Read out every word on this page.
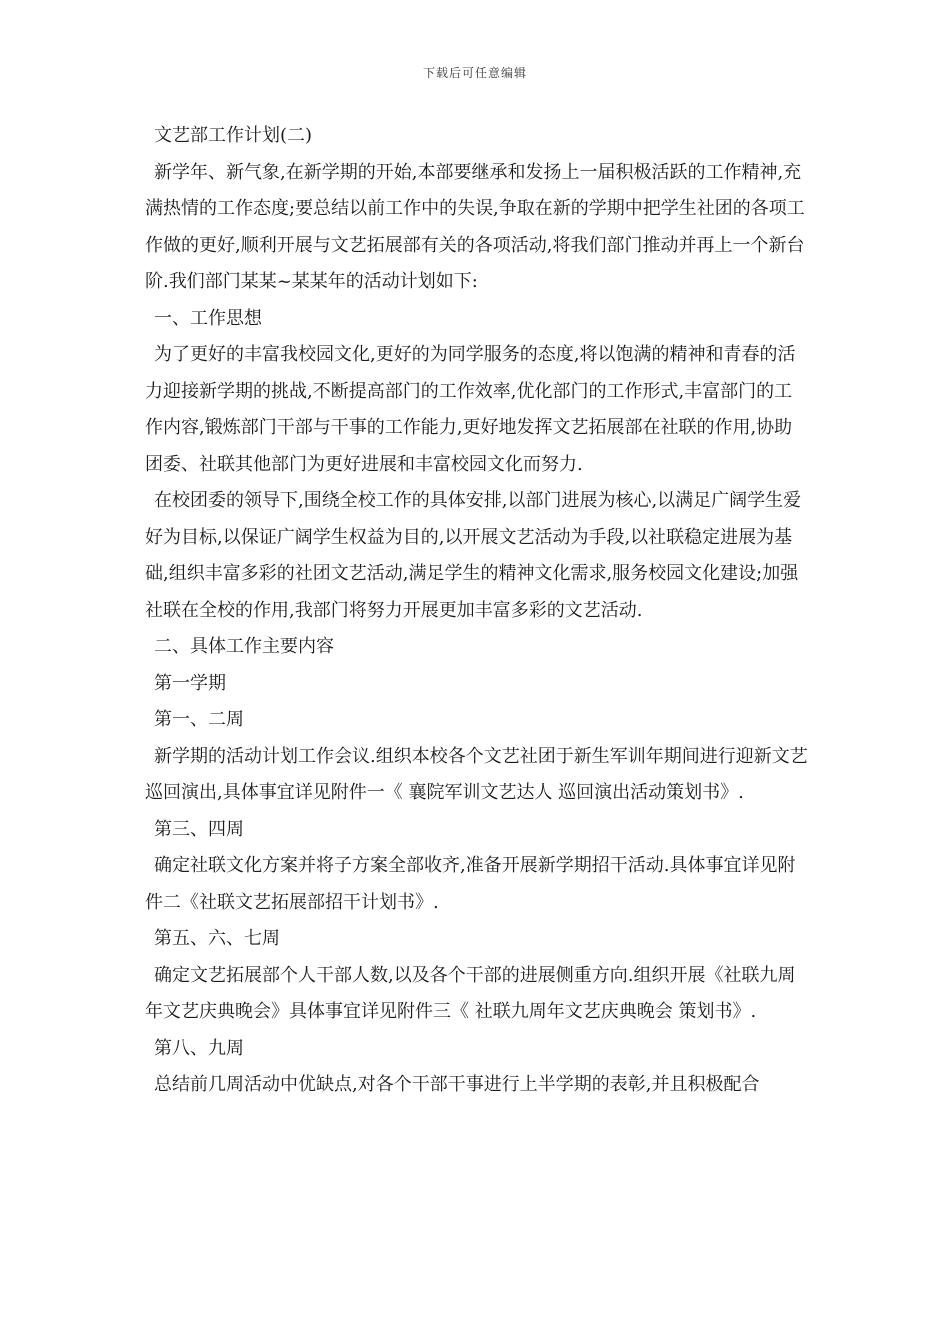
下载后可任意编辑

文艺部工作计划(二)

新学年、新气象,在新学期的开始,本部要继承和发扬上一届积极活跃的工作精神,充满热情的工作态度;要总结以前工作中的失误,争取在新的学期中把学生社团的各项工作做的更好,顺利开展与文艺拓展部有关的各项活动,将我们部门推动并再上一个新台阶.我们部门某某~某某年的活动计划如下:

一、工作思想

为了更好的丰富我校园文化,更好的为同学服务的态度,将以饱满的精神和青春的活力迎接新学期的挑战,不断提高部门的工作效率,优化部门的工作形式,丰富部门的工作内容,锻炼部门干部与干事的工作能力,更好地发挥文艺拓展部在社联的作用,协助团委、社联其他部门为更好进展和丰富校园文化而努力.

在校团委的领导下,围绕全校工作的具体安排,以部门进展为核心,以满足广阔学生爱好为目标,以保证广阔学生权益为目的,以开展文艺活动为手段,以社联稳定进展为基础,组织丰富多彩的社团文艺活动,满足学生的精神文化需求,服务校园文化建设;加强社联在全校的作用,我部门将努力开展更加丰富多彩的文艺活动.

二、具体工作主要内容

第一学期

第一、二周

新学期的活动计划工作会议.组织本校各个文艺社团于新生军训年期间进行迎新文艺巡回演出,具体事宜详见附件一《 襄院军训文艺达人 巡回演出活动策划书》.

第三、四周

确定社联文化方案并将子方案全部收齐,准备开展新学期招干活动.具体事宜详见附件二《社联文艺拓展部招干计划书》.

第五、六、七周

确定文艺拓展部个人干部人数,以及各个干部的进展侧重方向.组织开展《社联九周年文艺庆典晚会》具体事宜详见附件三《 社联九周年文艺庆典晚会 策划书》.

第八、九周

总结前几周活动中优缺点,对各个干部干事进行上半学期的表彰,并且积极配合
